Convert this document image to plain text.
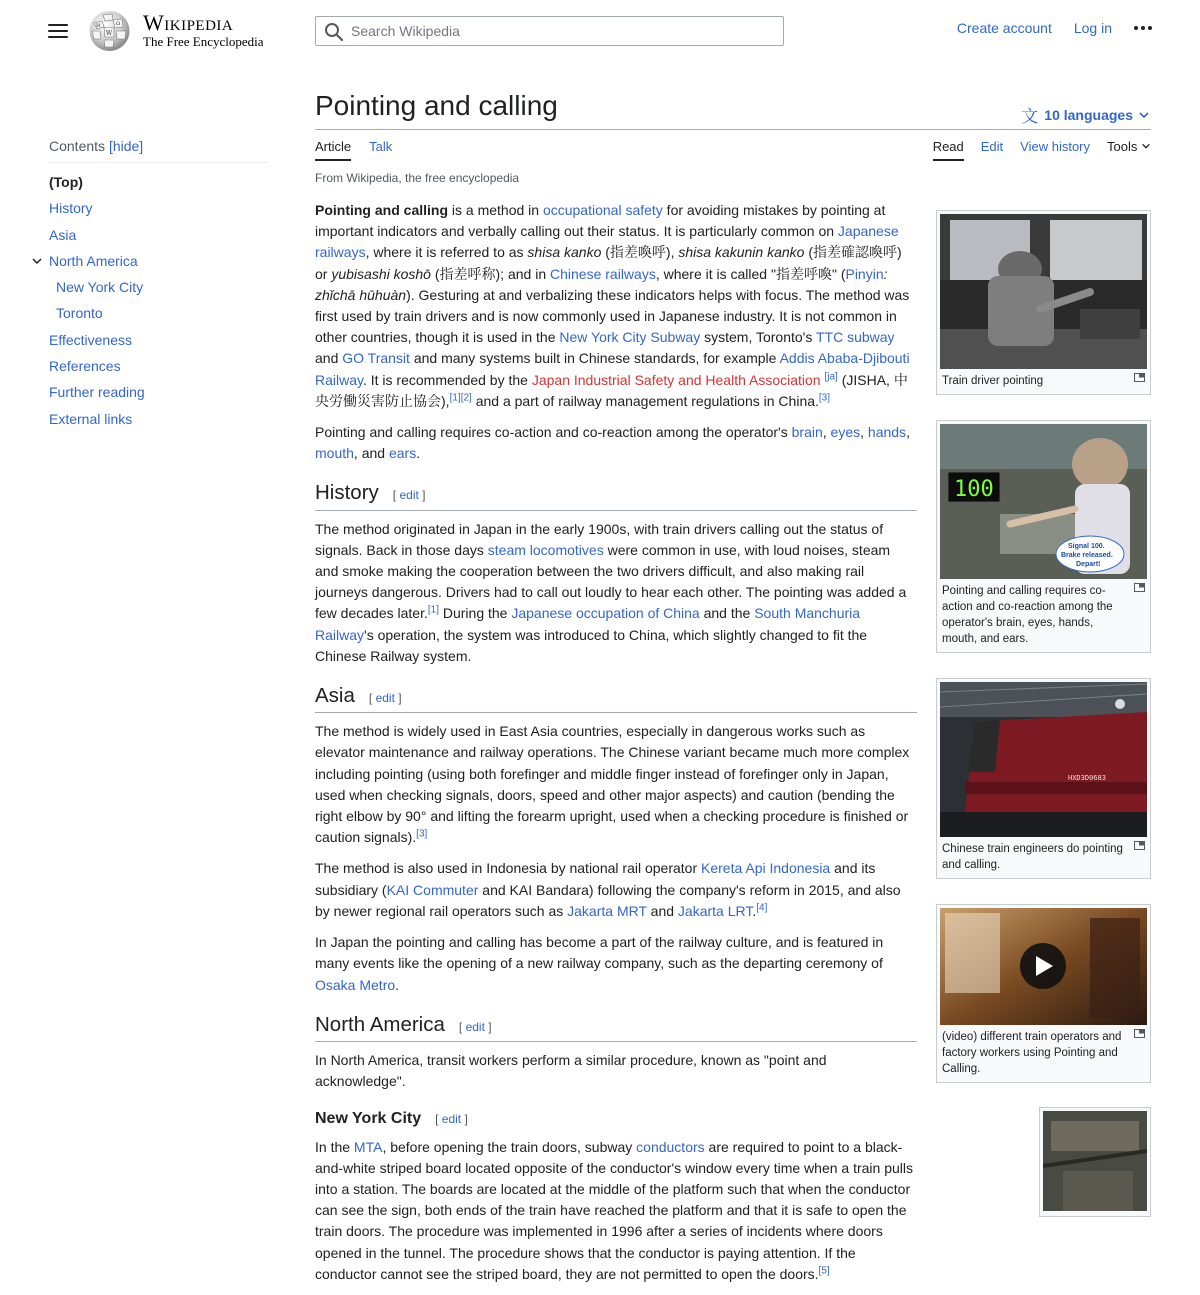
W
Ω
И Wikipedia
The Free Encyclopedia
Search Wikipedia
Create account Log in
Contents [hide]
(Top)
History
Asia
North America
New York City
Toronto
Effectiveness
References
Further reading
External links
Pointing and calling	文 10 languages
Article Talk	Read Edit View history Tools
From Wikipedia, the free encyclopedia

Pointing and calling is a method in occupational safety for avoiding mistakes by pointing at important indicators and verbally calling out their status. It is particularly common on Japanese railways, where it is referred to as shisa kanko (指差喚呼), shisa kakunin kanko (指差確認喚呼) or yubisashi koshō (指差呼称); and in Chinese railways, where it is called "指差呼喚" (Pinyin: zhǐchā hūhuàn). Gesturing at and verbalizing these indicators helps with focus. The method was first used by train drivers and is now commonly used in Japanese industry. It is not common in other countries, though it is used in the New York City Subway system, Toronto's TTC subway and GO Transit and many systems built in Chinese standards, for example Addis Ababa-Djibouti Railway. It is recommended by the Japan Industrial Safety and Health Association [ja] (JISHA, 中央労働災害防止協会),[1][2] and a part of railway management regulations in China.[3]

Pointing and calling requires co-action and co-reaction among the operator's brain, eyes, hands, mouth, and ears.

History [ edit ]

The method originated in Japan in the early 1900s, with train drivers calling out the status of signals. Back in those days steam locomotives were common in use, with loud noises, steam and smoke making the cooperation between the two drivers difficult, and also making rail journeys dangerous. Drivers had to call out loudly to hear each other. The pointing was added a few decades later.[1] During the Japanese occupation of China and the South Manchuria Railway's operation, the system was introduced to China, which slightly changed to fit the Chinese Railway system.

Asia [ edit ]

The method is widely used in East Asia countries, especially in dangerous works such as elevator maintenance and railway operations. The Chinese variant became much more complex including pointing (using both forefinger and middle finger instead of forefinger only in Japan, used when checking signals, doors, speed and other major aspects) and caution (bending the right elbow by 90° and lifting the forearm upright, used when a checking procedure is finished or caution signals).[3]

The method is also used in Indonesia by national rail operator Kereta Api Indonesia and its subsidiary (KAI Commuter and KAI Bandara) following the company's reform in 2015, and also by newer regional rail operators such as Jakarta MRT and Jakarta LRT.[4]

In Japan the pointing and calling has become a part of the railway culture, and is featured in many events like the opening of a new railway company, such as the departing ceremony of Osaka Metro.

North America [ edit ]

In North America, transit workers perform a similar procedure, known as "point and acknowledge".

New York City [ edit ]

In the MTA, before opening the train doors, subway conductors are required to point to a black-and-white striped board located opposite of the conductor's window every time when a train pulls into a station. The boards are located at the middle of the platform such that when the conductor can see the sign, both ends of the train have reached the platform and that it is safe to open the train doors. The procedure was implemented in 1996 after a series of incidents where doors opened in the tunnel. The procedure shows that the conductor is paying attention. If the conductor cannot see the striped board, they are not permitted to open the doors.[5]

Train driver pointing
100
Signal 100.
Brake released.
Depart!
Pointing and calling requires co-action and co-reaction among the operator's brain, eyes, hands, mouth, and ears.
HXD3D0683
Chinese train engineers do pointing and calling.
(video) different train operators and factory workers using Pointing and Calling.
